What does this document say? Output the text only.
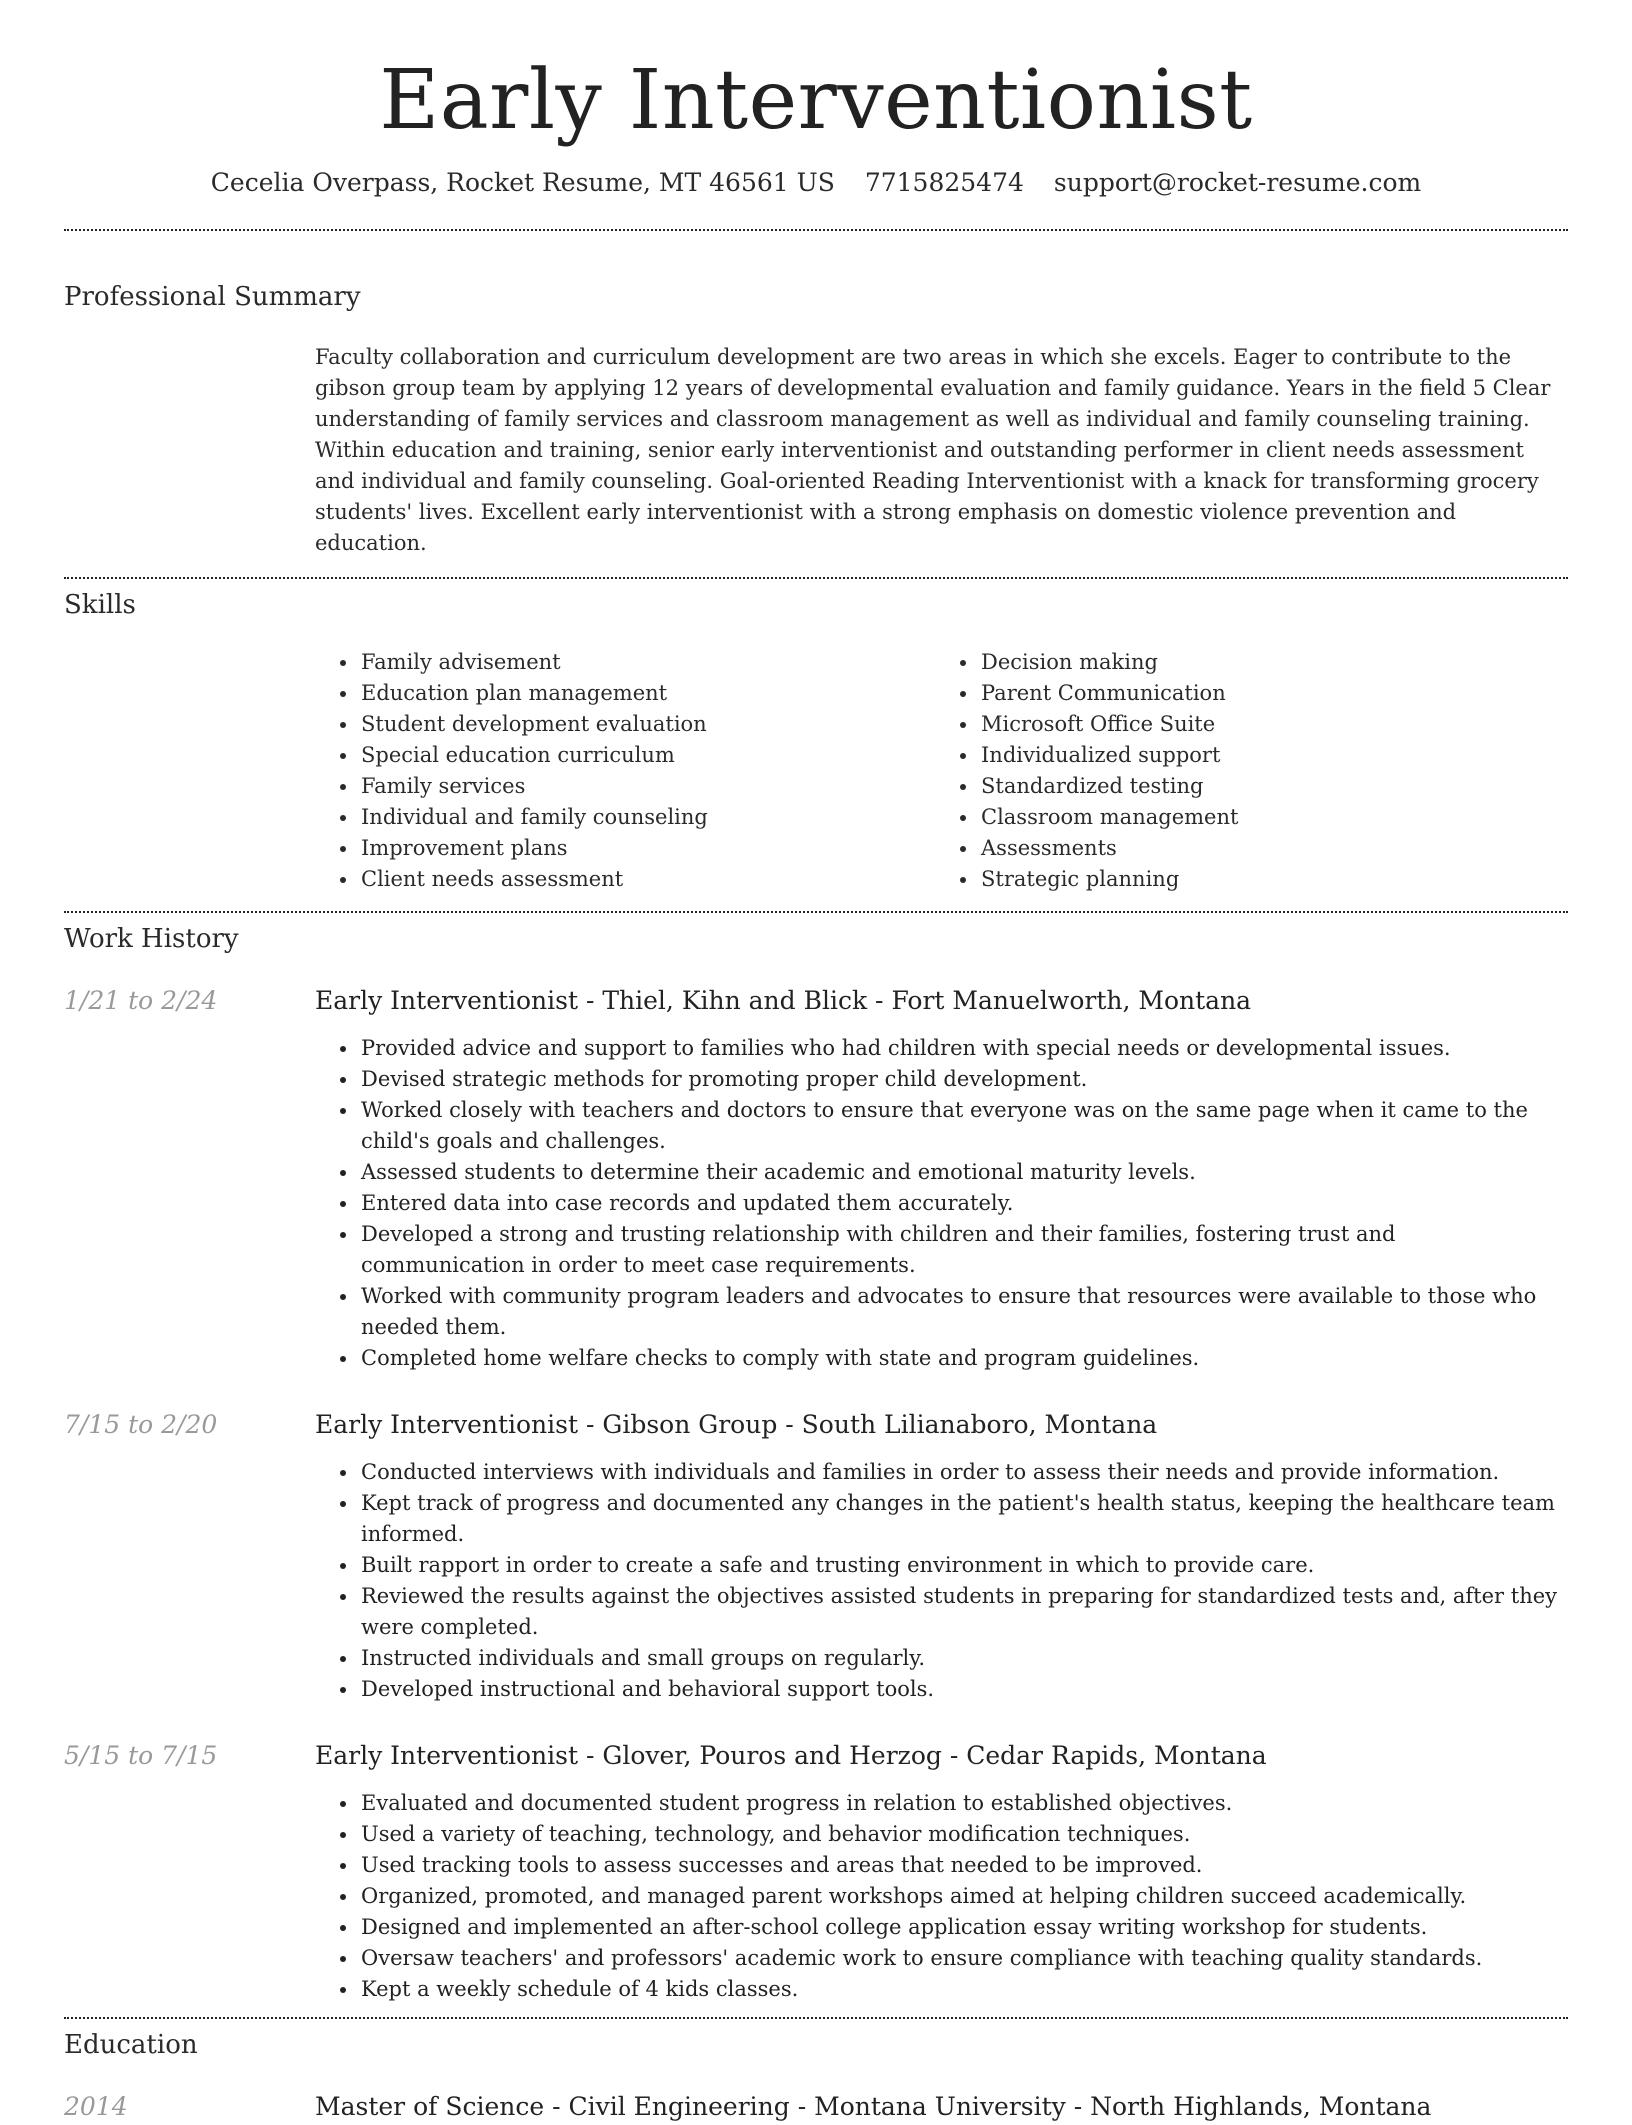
Early Interventionist
Cecelia Overpass, Rocket Resume, MT 46561 US 7715825474 support@rocket-resume.com
Professional Summary
Faculty collaboration and curriculum development are two areas in which she excels. Eager to contribute to the gibson group team by applying 12 years of developmental evaluation and family guidance. Years in the field 5 Clear understanding of family services and classroom management as well as individual and family counseling training. Within education and training, senior early interventionist and outstanding performer in client needs assessment and individual and family counseling. Goal-oriented Reading Interventionist with a knack for transforming grocery students' lives. Excellent early interventionist with a strong emphasis on domestic violence prevention and education.
Skills
• Family advisement
• Education plan management
• Student development evaluation
• Special education curriculum
• Family services
• Individual and family counseling
• Improvement plans
• Client needs assessment
• Decision making
• Parent Communication
• Microsoft Office Suite
• Individualized support
• Standardized testing
• Classroom management
• Assessments
• Strategic planning
Work History
1/21 to 2/24	Early Interventionist - Thiel, Kihn and Blick - Fort Manuelworth, Montana
• Provided advice and support to families who had children with special needs or developmental issues.
• Devised strategic methods for promoting proper child development.
• Worked closely with teachers and doctors to ensure that everyone was on the same page when it came to the child's goals and challenges.
• Assessed students to determine their academic and emotional maturity levels.
• Entered data into case records and updated them accurately.
• Developed a strong and trusting relationship with children and their families, fostering trust and communication in order to meet case requirements.
• Worked with community program leaders and advocates to ensure that resources were available to those who needed them.
• Completed home welfare checks to comply with state and program guidelines.
7/15 to 2/20	Early Interventionist - Gibson Group - South Lilianaboro, Montana
• Conducted interviews with individuals and families in order to assess their needs and provide information.
• Kept track of progress and documented any changes in the patient's health status, keeping the healthcare team informed.
• Built rapport in order to create a safe and trusting environment in which to provide care.
• Reviewed the results against the objectives assisted students in preparing for standardized tests and, after they were completed.
• Instructed individuals and small groups on regularly.
• Developed instructional and behavioral support tools.
5/15 to 7/15	Early Interventionist - Glover, Pouros and Herzog - Cedar Rapids, Montana
• Evaluated and documented student progress in relation to established objectives.
• Used a variety of teaching, technology, and behavior modification techniques.
• Used tracking tools to assess successes and areas that needed to be improved.
• Organized, promoted, and managed parent workshops aimed at helping children succeed academically.
• Designed and implemented an after-school college application essay writing workshop for students.
• Oversaw teachers' and professors' academic work to ensure compliance with teaching quality standards.
• Kept a weekly schedule of 4 kids classes.
Education
2014	Master of Science - Civil Engineering - Montana University - North Highlands, Montana
